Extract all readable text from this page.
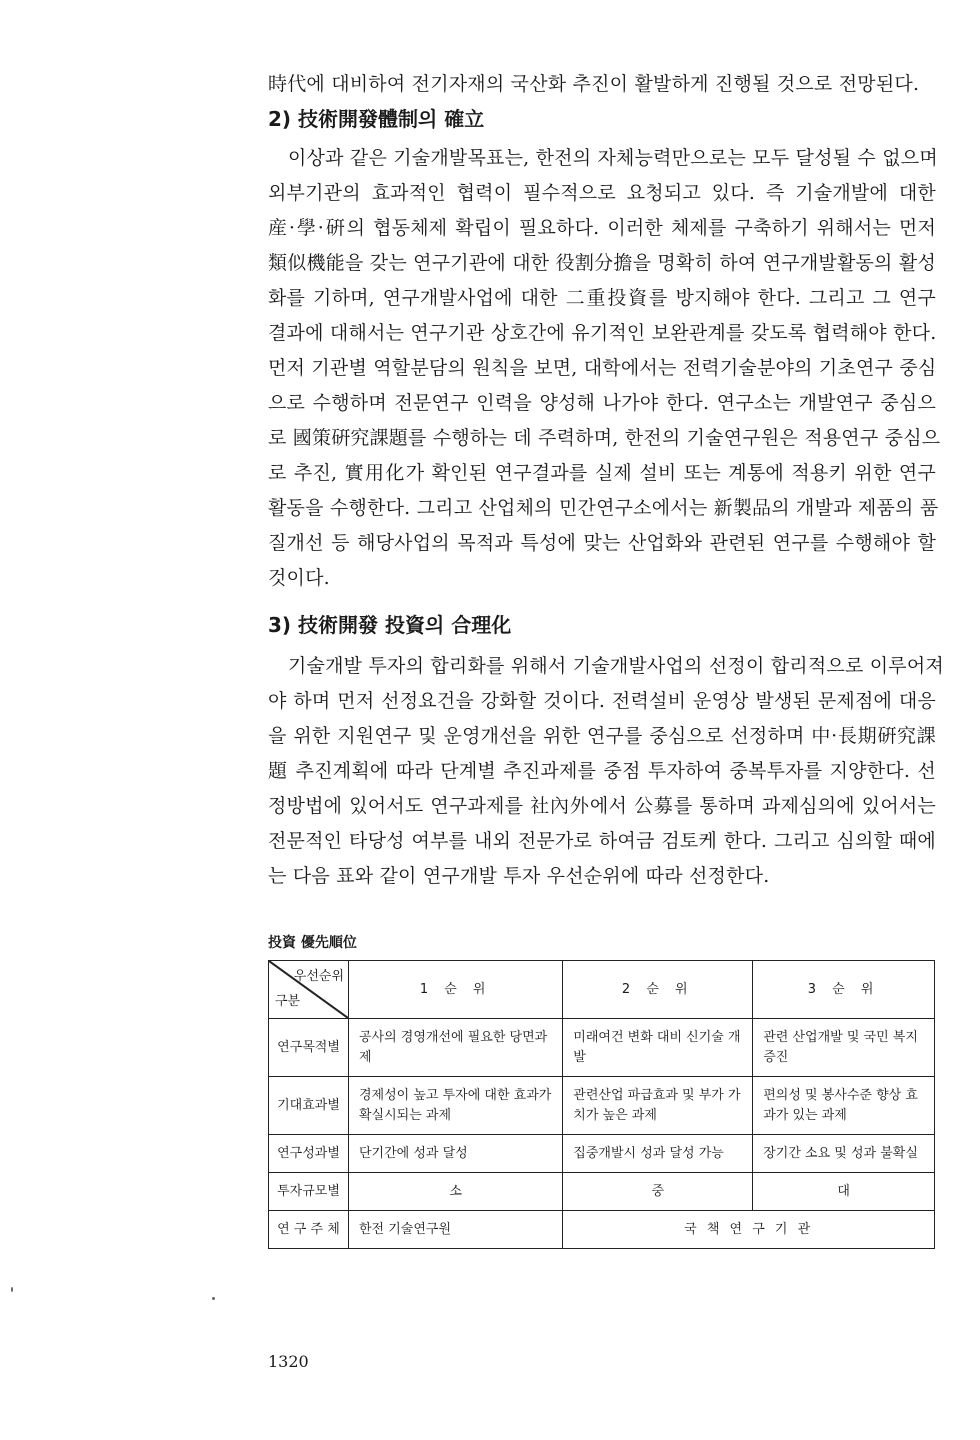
時代에 대비하여 전기자재의 국산화 추진이 활발하게 진행될 것으로 전망된다.
2) 技術開發體制의 確立
이상과 같은 기술개발목표는, 한전의 자체능력만으로는 모두 달성될 수 없으며
외부기관의 효과적인 협력이 필수적으로 요청되고 있다. 즉 기술개발에 대한
産·學·硏의 협동체제 확립이 필요하다. 이러한 체제를 구축하기 위해서는 먼저
類似機能을 갖는 연구기관에 대한 役割分擔을 명확히 하여 연구개발활동의 활성
화를 기하며, 연구개발사업에 대한 二重投資를 방지해야 한다. 그리고 그 연구
결과에 대해서는 연구기관 상호간에 유기적인 보완관계를 갖도록 협력해야 한다.
먼저 기관별 역할분담의 원칙을 보면, 대학에서는 전력기술분야의 기초연구 중심
으로 수행하며 전문연구 인력을 양성해 나가야 한다. 연구소는 개발연구 중심으
로 國策硏究課題를 수행하는 데 주력하며, 한전의 기술연구원은 적용연구 중심으
로 추진, 實用化가 확인된 연구결과를 실제 설비 또는 계통에 적용키 위한 연구
활동을 수행한다. 그리고 산업체의 민간연구소에서는 新製品의 개발과 제품의 품
질개선 등 해당사업의 목적과 특성에 맞는 산업화와 관련된 연구를 수행해야 할
것이다.
3) 技術開發 投資의 合理化
기술개발 투자의 합리화를 위해서 기술개발사업의 선정이 합리적으로 이루어져
야 하며 먼저 선정요건을 강화할 것이다. 전력설비 운영상 발생된 문제점에 대응
을 위한 지원연구 및 운영개선을 위한 연구를 중심으로 선정하며 中·長期硏究課
題 추진계획에 따라 단계별 추진과제를 중점 투자하여 중복투자를 지양한다. 선
정방법에 있어서도 연구과제를 社內外에서 公募를 통하며 과제심의에 있어서는
전문적인 타당성 여부를 내외 전문가로 하여금 검토케 한다. 그리고 심의할 때에
는 다음 표와 같이 연구개발 투자 우선순위에 따라 선정한다.
投資 優先順位
우선순위
구분	1 순 위	2 순 위	3 순 위
연구목적별	공사의 경영개선에 필요한 당면과제	미래여건 변화 대비 신기술 개발	관련 산업개발 및 국민 복지 증진
기대효과별	경제성이 높고 투자에 대한 효과가 확실시되는 과제	관련산업 파급효과 및 부가 가치가 높은 과제	편의성 및 봉사수준 향상 효과가 있는 과제
연구성과별	단기간에 성과 달성	집중개발시 성과 달성 가능	장기간 소요 및 성과 불확실
투자규모별	소	중	대
연 구 주 체	한전 기술연구원	국 책 연 구 기 관	
1320
